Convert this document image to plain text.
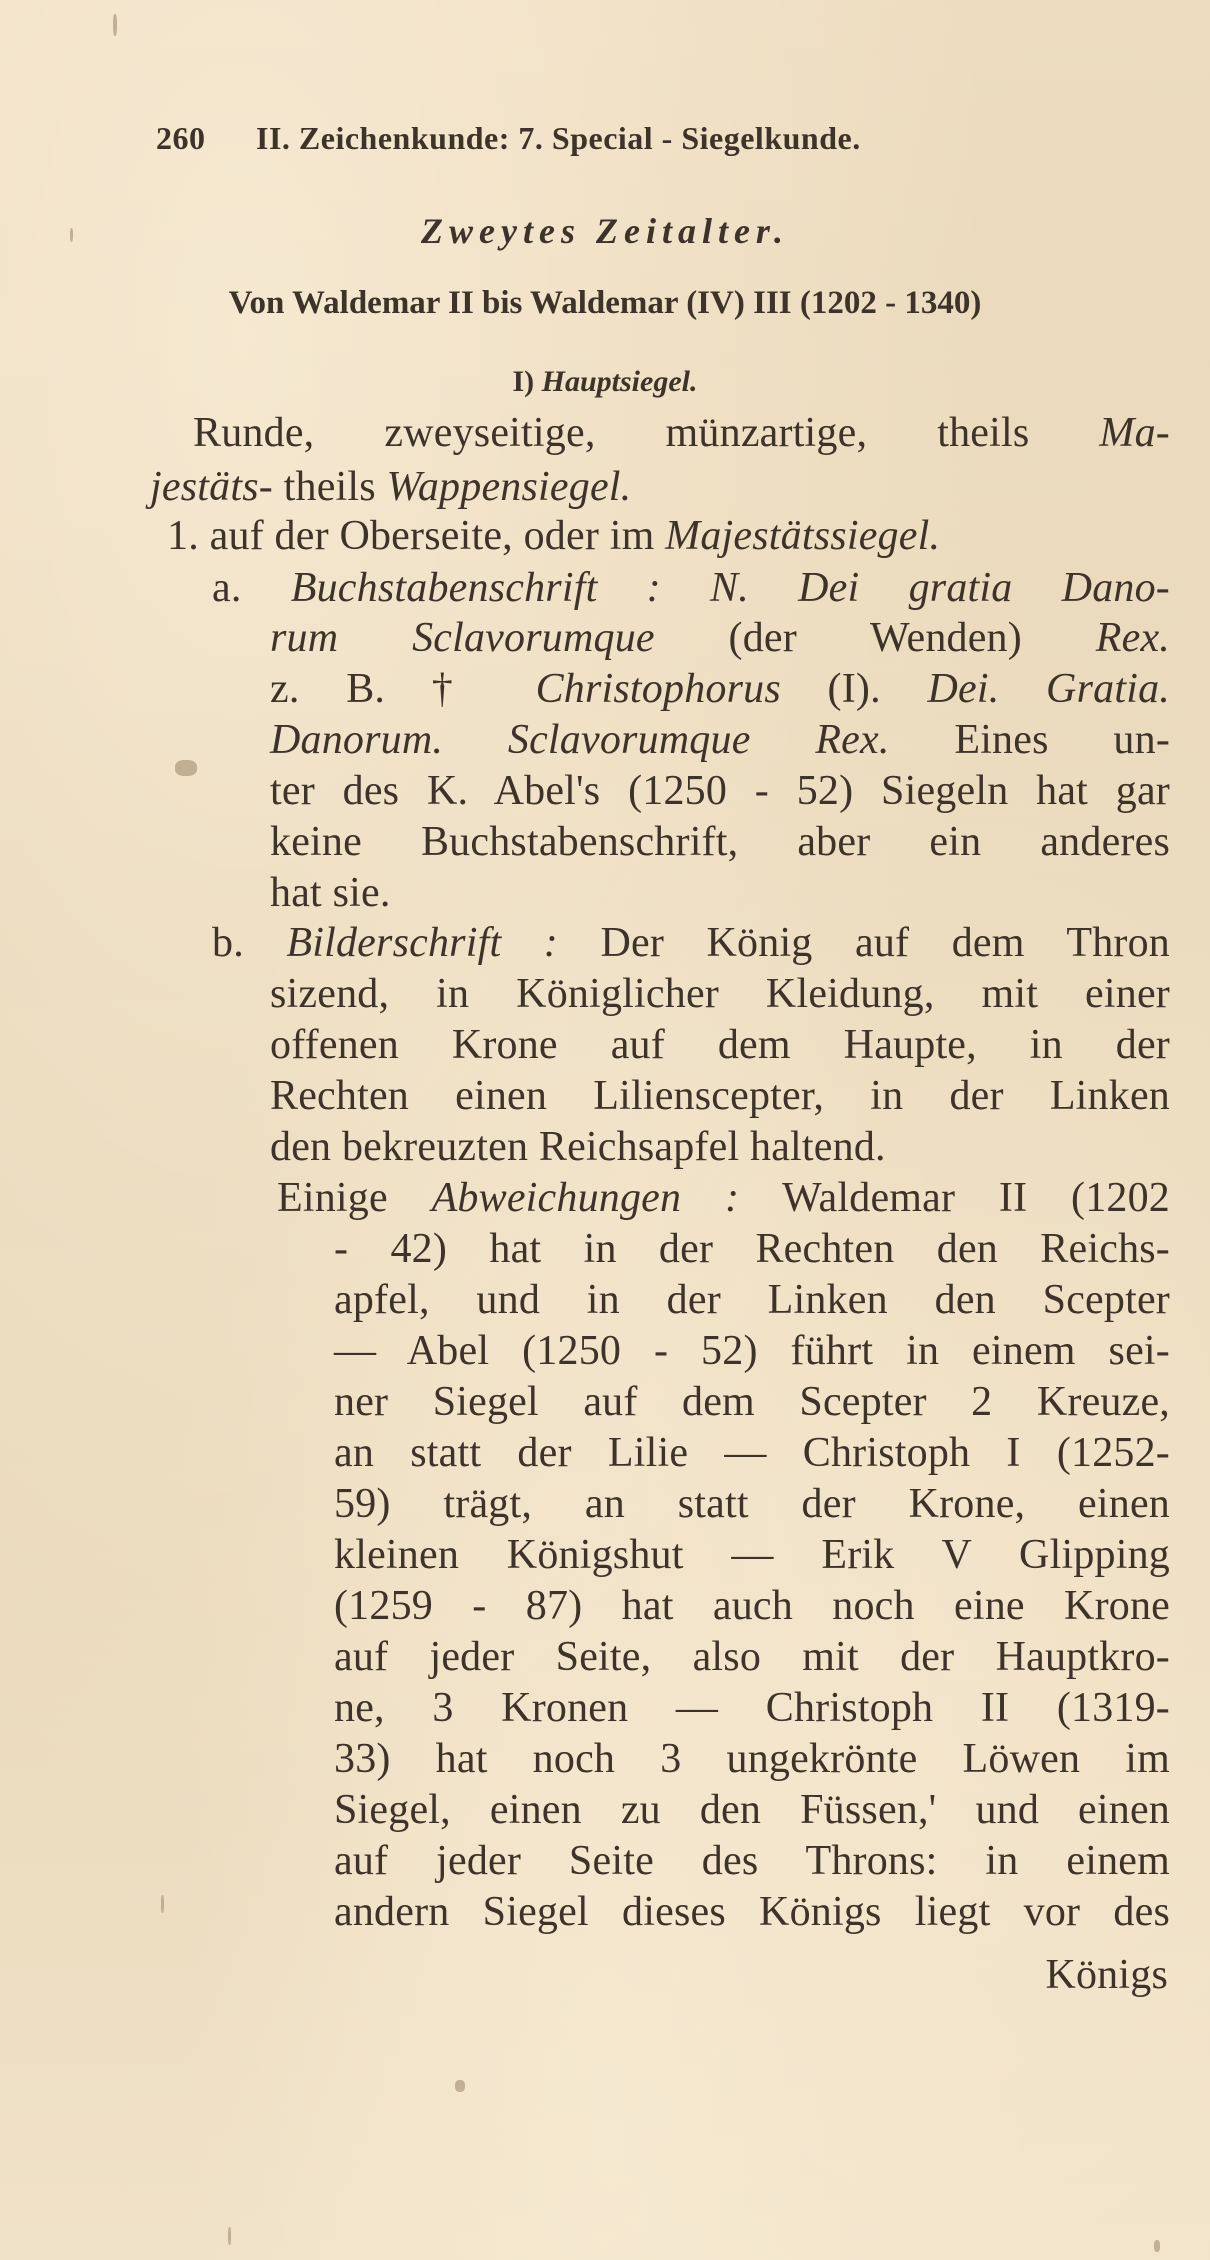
260 II. Zeichenkunde: 7. Special - Siegelkunde.
Zweytes Zeitalter.
Von Waldemar II bis Waldemar (IV) III (1202 - 1340)
I) Hauptsiegel.
Runde, zweyseitige, münzartige, theils Ma-
jestäts- theils Wappensiegel.
1. auf der Oberseite, oder im Majestätssiegel.
a. Buchstabenschrift : N. Dei gratia Dano-
rum Sclavorumque (der Wenden) Rex.
z. B. † Christophorus (I). Dei. Gratia.
Danorum. Sclavorumque Rex. Eines un-
ter des K. Abel's (1250 - 52) Siegeln hat gar
keine Buchstabenschrift, aber ein anderes
hat sie.
b. Bilderschrift : Der König auf dem Thron
sizend, in Königlicher Kleidung, mit einer
offenen Krone auf dem Haupte, in der
Rechten einen Lilienscepter, in der Linken
den bekreuzten Reichsapfel haltend.
Einige Abweichungen : Waldemar II (1202
- 42) hat in der Rechten den Reichs-
apfel, und in der Linken den Scepter
— Abel (1250 - 52) führt in einem sei-
ner Siegel auf dem Scepter 2 Kreuze,
an statt der Lilie — Christoph I (1252-
59) trägt, an statt der Krone, einen
kleinen Königshut — Erik V Glipping
(1259 - 87) hat auch noch eine Krone
auf jeder Seite, also mit der Hauptkro-
ne, 3 Kronen — Christoph II (1319-
33) hat noch 3 ungekrönte Löwen im
Siegel, einen zu den Füssen,' und einen
auf jeder Seite des Throns: in einem
andern Siegel dieses Königs liegt vor des
Königs
